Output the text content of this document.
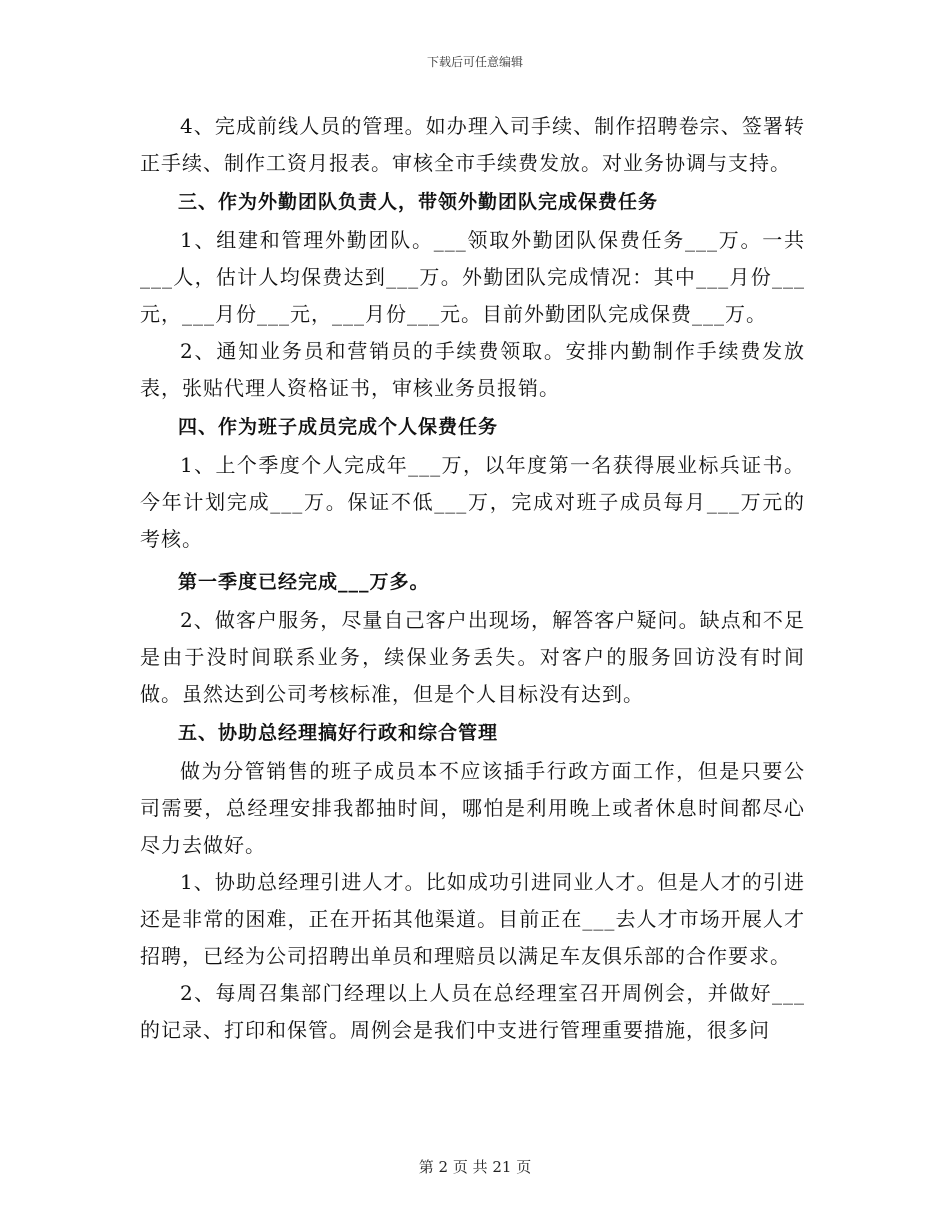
下载后可任意编辑

4、完成前线人员的管理。如办理入司手续、制作招聘卷宗、签署转正手续、制作工资月报表。审核全市手续费发放。对业务协调与支持。

三、作为外勤团队负责人，带领外勤团队完成保费任务

1、组建和管理外勤团队。___领取外勤团队保费任务___万。一共___人，估计人均保费达到___万。外勤团队完成情况：其中___月份___元，___月份___元，___月份___元。目前外勤团队完成保费___万。

2、通知业务员和营销员的手续费领取。安排内勤制作手续费发放表，张贴代理人资格证书，审核业务员报销。

四、作为班子成员完成个人保费任务

1、上个季度个人完成年___万，以年度第一名获得展业标兵证书。今年计划完成___万。保证不低___万，完成对班子成员每月___万元的考核。

第一季度已经完成___万多。

2、做客户服务，尽量自己客户出现场，解答客户疑问。缺点和不足是由于没时间联系业务，续保业务丢失。对客户的服务回访没有时间做。虽然达到公司考核标准，但是个人目标没有达到。

五、协助总经理搞好行政和综合管理

做为分管销售的班子成员本不应该插手行政方面工作，但是只要公司需要，总经理安排我都抽时间，哪怕是利用晚上或者休息时间都尽心尽力去做好。

1、协助总经理引进人才。比如成功引进同业人才。但是人才的引进还是非常的困难，正在开拓其他渠道。目前正在___去人才市场开展人才招聘，已经为公司招聘出单员和理赔员以满足车友俱乐部的合作要求。

2、每周召集部门经理以上人员在总经理室召开周例会，并做好___的记录、打印和保管。周例会是我们中支进行管理重要措施，很多问

第 2 页 共 21 页
